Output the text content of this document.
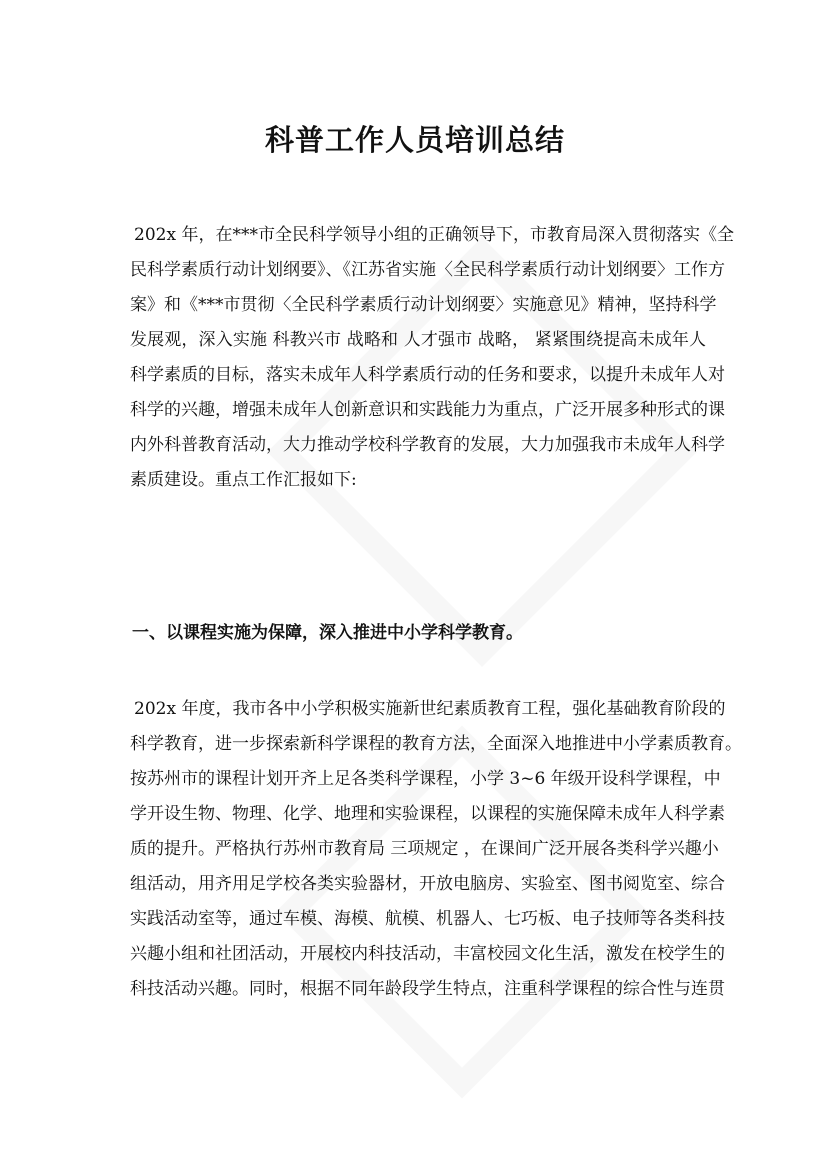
科普工作人员培训总结
202x 年，在***市全民科学领导小组的正确领导下，市教育局深入贯彻落实《全
民科学素质行动计划纲要》、《江苏省实施〈全民科学素质行动计划纲要〉工作方
案》和《***市贯彻〈全民科学素质行动计划纲要〉实施意见》精神，坚持科学
发展观，深入实施 科教兴市 战略和 人才强市 战略， 紧紧围绕提高未成年人
科学素质的目标，落实未成年人科学素质行动的任务和要求，以提升未成年人对
科学的兴趣，增强未成年人创新意识和实践能力为重点，广泛开展多种形式的课
内外科普教育活动，大力推动学校科学教育的发展，大力加强我市未成年人科学
素质建设。重点工作汇报如下:
一、以课程实施为保障，深入推进中小学科学教育。
202x 年度，我市各中小学积极实施新世纪素质教育工程，强化基础教育阶段的
科学教育，进一步探索新科学课程的教育方法，全面深入地推进中小学素质教育。
按苏州市的课程计划开齐上足各类科学课程，小学 3~6 年级开设科学课程，中
学开设生物、物理、化学、地理和实验课程，以课程的实施保障未成年人科学素
质的提升。严格执行苏州市教育局 三项规定 ，在课间广泛开展各类科学兴趣小
组活动，用齐用足学校各类实验器材，开放电脑房、实验室、图书阅览室、综合
实践活动室等，通过车模、海模、航模、机器人、七巧板、电子技师等各类科技
兴趣小组和社团活动，开展校内科技活动，丰富校园文化生活，激发在校学生的
科技活动兴趣。同时，根据不同年龄段学生特点，注重科学课程的综合性与连贯
